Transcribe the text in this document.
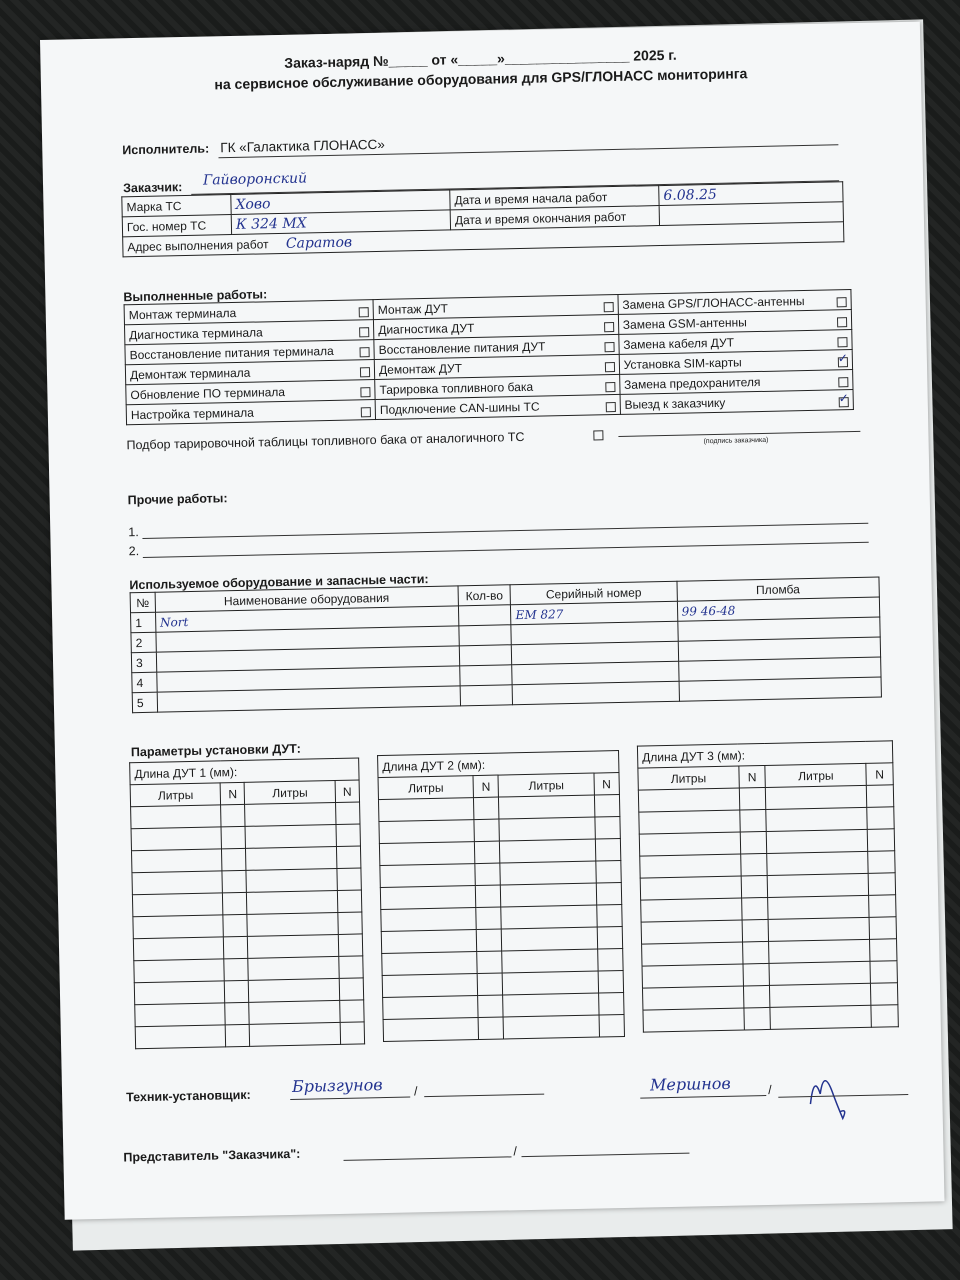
Заказ-наряд №_____ от «_____»________________ 2025 г.
на сервисное обслуживание оборудования для GPS/ГЛОНАСС мониторинга
Исполнитель: ГК «Галактика ГЛОНАСС»
Заказчик: Гайворонский
Марка ТС	Хово	Дата и время начала работ	6.08.25
Гос. номер ТС	К 324 МХ	Дата и время окончания работ	
Адрес выполнения работ Саратов			
Выполненные работы:
Монтаж терминала	Монтаж ДУТ	Замена GPS/ГЛОНАСС-антенны

Диагностика терминала	Диагностика ДУТ	Замена GSM-антенны

Восстановление питания терминала	Восстановление питания ДУТ	Замена кабеля ДУТ

Демонтаж терминала	Демонтаж ДУТ	Установка SIM-карты
✓

Обновление ПО терминала	Тарировка топливного бака	Замена предохранителя

Настройка терминала	Подключение CAN-шины ТС	Выезд к заказчику
✓
Подбор тарировочной таблицы топливного бака от аналогичного ТС	(подпись заказчика)
Прочие работы:
1.
2.
Используемое оборудование и запасные части:
№	Наименование оборудования	Кол-во	Серийный номер	Пломба
1	Nort		ЕМ 827	99 46-48
2				
3				
4				
5				
Параметры установки ДУТ:
Длина ДУТ 1 (мм):			
Литры	N	Литры	N

Длина ДУТ 2 (мм):			
Литры	N	Литры	N

Длина ДУТ 3 (мм):			
Литры	N	Литры	N

Техник-установщик:
Брызгунов /	Мершнов	/
Представитель "Заказчика":	/
